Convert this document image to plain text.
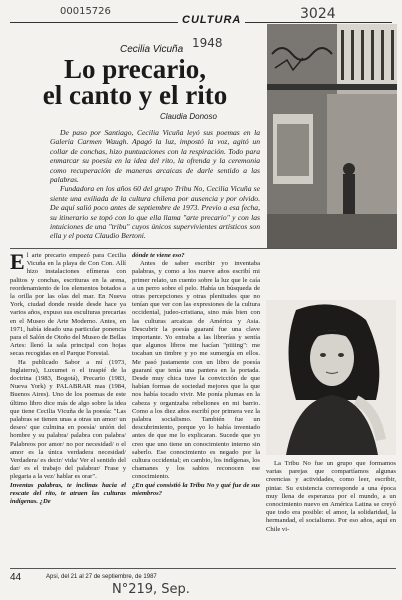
00015726	3024
CULTURA
Cecilia Vicuña 1948
Lo precario,
el canto y el rito
Claudia Donoso

De paso por Santiago, Cecilia Vicuña leyó sus poemas en la Galería Carmen Waugh. Apagó la luz, impostó la voz, agitó un collar de conchas, hizo puntuaciones con la respiración. Todo para enmarcar su poesía en la idea del rito, la ofrenda y la ceremonia como recuperación de maneras arcaicas de darle sentido a las palabras.

Fundadora en los años 60 del grupo Tribu No, Cecilia Vicuña se siente una exiliada de la cultura chilena por ausencia y por olvido. De aquí salió poco antes de septiembre de 1973. Previo a esa fecha, su itinerario se topó con lo que ella llama "arte precario" y con las intuiciones de una "tribu" cuyos únicos supervivientes artísticos son ella y el poeta Claudio Bertoni.

El arte precario empezó para Cecilia Vicuña en la playa de Con Con. Allí hizo instalaciones efímeras con palitos y conchas, escrituras en la arena, reordenamiento de los elementos botados a la orilla por las olas del mar. En Nueva York, ciudad donde reside desde hace ya varios años, expuso sus esculturas precarias en el Museo de Arte Moderno. Antes, en 1971, había ideado una particular ponencia para el Salón de Otoño del Museo de Bellas Artes: llenó la sala principal con hojas secas recogidas en el Parque Forestal.

Ha publicado Sabor a mí (1973, Inglaterra), Luxumei o el traspié de la doctrina (1983, Bogotá), Precario (1983, Nueva York) y PALABRAR mas (1984, Buenos Aires). Uno de los poemas de este último libro dice más de algo sobre la idea que tiene Cecilia Vicuña de la poesía: "Las palabras se tienen unas a otras un amor/ un deseo/ que culmina en poesía/ unión del hombre y su palabra/ palabra con palabra/ Palabreos por amor/ no por necesidad/ o el amor es la única verdadera necesidad/ Verdadera/ es decir/ vida/ Ver el sentido del dar/ es el trabajo del palabrar/ Frase y plegaria a la vez/ hablar es orar".

Inventas palabras, te inclinas hacia el rescate del rito, te atraen las culturas indígenas. ¿De

dónde te viene eso?

Antes de saber escribir yo inventaba palabras, y como a los nueve años escribí mi primer relato, un cuento sobre la luz que le caía a un perro sobre el pelo. Había un búsqueda de otras percepciones y otras plenitudes que no tenían que ver con las expresiones de la cultura occidental, judeo-cristiana, sino más bien con las culturas arcaicas de América y Asia. Descubrir la poesía guaraní fue una clave importante. Yo entraba a las librerías y sentía que algunos libros me hacían "piiiing": me tocaban un timbre y yo me sumergía en ellos. Me pasó justamente con un libro de poesía guaraní que tenía una pantera en la portada. Desde muy chica tuve la convicción de que habían formas de sociedad mejores que la que nos había tocado vivir. Me ponía plumas en la cabeza y organizaba rebeliones en mi barrio. Como a los diez años escribí por primera vez la palabra socialismo. También fue un descubrimiento, porque yo lo había inventado antes de que me lo explicaran. Sucede que yo creo que uno tiene un conocimiento interno sin saberlo. Ese conocimiento es negado por la cultura occidental; en cambio, los indígenas, los chamanes y los sabios reconocen ese conocimiento.

¿En qué consistió la Tribu No y qué fue de sus miembros?

La Tribu No fue un grupo que formamos varias parejas que compartíamos algunas creencias y actividades, como leer, escribir, pintar. Su existencia corresponde a una época muy llena de esperanza por el mundo, a un conocimiento nuevo en América Latina se creyó que todo era posible: el amor, la solidaridad, la hermandad, el socialismo. Por eso años, aquí en Chile vi-

44	Apsi, del 21 al 27 de septiembre, de 1987
N°219, Sep.
